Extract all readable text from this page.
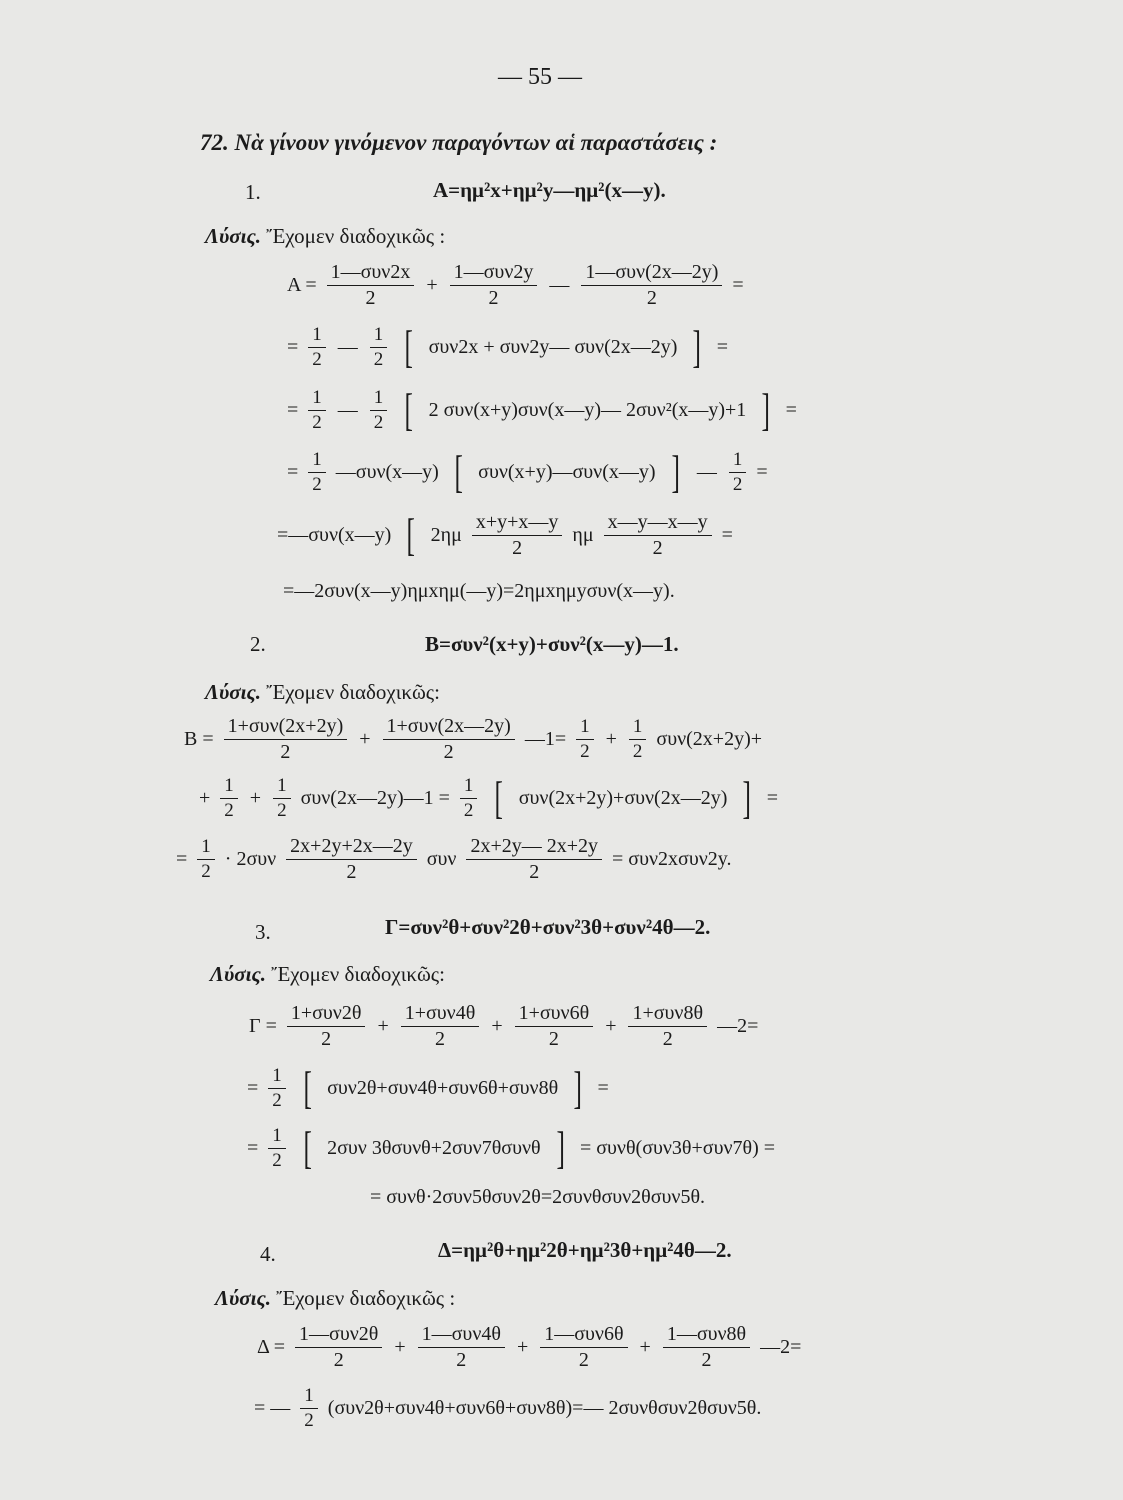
— 55 —
72. Νὰ γίνουν γινόμενον παραγόντων αἱ παραστάσεις :
1.	Α=ημ²x+ημ²y—ημ²(x—y).
Λύσις. Ἔχομεν διαδοχικῶς :
$A = \frac{\text{1—συν2x}}{2} + \frac{\text{1—συν2y}}{2}$ — $\frac{\text{1—συν(2x—2y)}}{2}$ =
= $\frac{1}{2}$ — $\frac{1}{2}$ [ συν2x + συν2y— συν(2x—2y) ] =
= $\frac{1}{2}$ — $\frac{1}{2}$ [ 2 συν(x+y)συν(x—y)— 2συν²(x—y)+1 ] =
= $\frac{1}{2}$ —συν(x—y) [ συν(x+y)—συν(x—y) ] — $\frac{1}{2}$ =
=—συν(x—y) [ $2\eta\mu \frac{x+y+x—y}{2}$ ημ $\frac{x—y—x—y}{2}$ =
=—2συν(x—y)ημxημ(—y)=2ημxημyσυν(x—y).
2.	Β=συν²(x+y)+συν²(x—y)—1.
Λύσις. Ἔχομεν διαδοχικῶς:
$B = \frac{\text{1+συν(2x+2y)}}{2} + \frac{\text{1+συν(2x—2y)}}{2}$ —1= $\frac{1}{2} + \frac{1}{2} \sigma\upsilon\nu(2x+2y)+$
+ $\frac{1}{2} + \frac{1}{2}$ συν(2x—2y)—1 = $\frac{1}{2}$ [ συν(2x+2y)+συν(2x—2y) ] =
= $\frac{1}{2} \cdot 2\sigma\upsilon\nu \frac{2x+2y+2x—2y}{2}$ συν $\frac{2x+2y— 2x+2y}{2} = \sigma\upsilon\nu 2x\sigma\upsilon\nu 2y$.
3.	Γ=συν²θ+συν²2θ+συν²3θ+συν²4θ—2.
Λύσις. Ἔχομεν διαδοχικῶς:
$\Gamma = \frac{\text{1+συν2θ}}{2} + \frac{\text{1+συν4θ}}{2} + \frac{\text{1+συν6θ}}{2} + \frac{\text{1+συν8θ}}{2}$ —2=
= $\frac{1}{2}$ [ συν2θ+συν4θ+συν6θ+συν8θ ] =
= $\frac{1}{2}$ [ 2συν 3θσυνθ+2συν7θσυνθ ] = συνθ(συν3θ+συν7θ) =
= συνθ·2συν5θσυν2θ=2συνθσυν2θσυν5θ.
4.	Δ=ημ²θ+ημ²2θ+ημ²3θ+ημ²4θ—2.
Λύσις. Ἔχομεν διαδοχικῶς :
$\Delta = \frac{\text{1—συν2θ}}{2} + \frac{\text{1—συν4θ}}{2} + \frac{\text{1—συν6θ}}{2} + \frac{\text{1—συν8θ}}{2}$ —2=
= — $\frac{1}{2}$ (συν2θ+συν4θ+συν6θ+συν8θ)=— 2συνθσυν2θσυν5θ.
